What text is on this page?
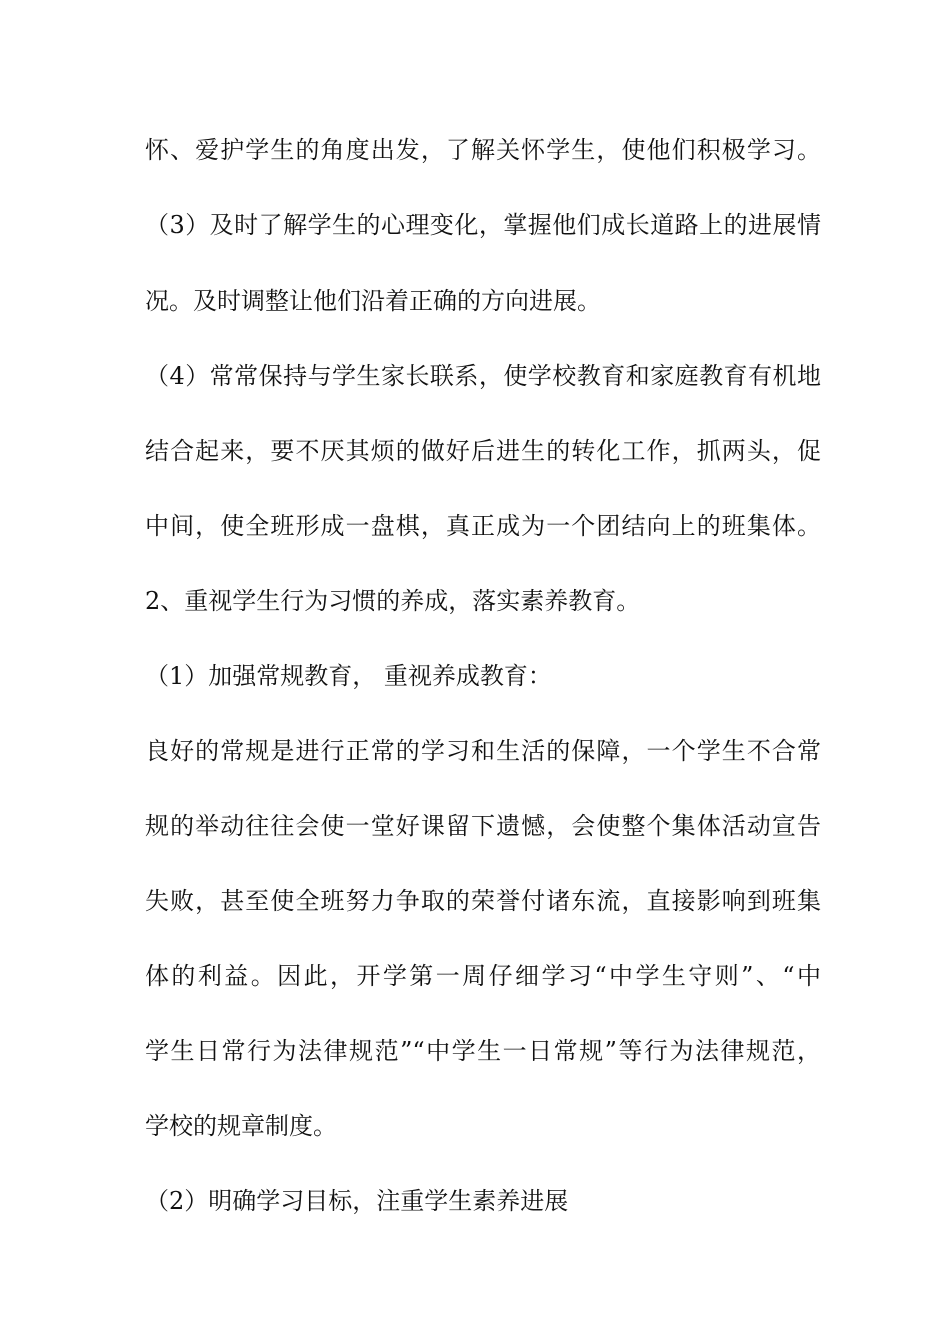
怀、爱护学生的角度出发，了解关怀学生，使他们积极学习。

（3）及时了解学生的心理变化，掌握他们成长道路上的进展情

况。及时调整让他们沿着正确的方向进展。

（4）常常保持与学生家长联系，使学校教育和家庭教育有机地

结合起来，要不厌其烦的做好后进生的转化工作，抓两头，促

中间，使全班形成一盘棋，真正成为一个团结向上的班集体。

2、重视学生行为习惯的养成，落实素养教育。

（1）加强常规教育， 重视养成教育：

良好的常规是进行正常的学习和生活的保障，一个学生不合常

规的举动往往会使一堂好课留下遗憾，会使整个集体活动宣告

失败，甚至使全班努力争取的荣誉付诸东流，直接影响到班集

体的利益。因此，开学第一周仔细学习“中学生守则”、“中

学生日常行为法律规范”“中学生一日常规”等行为法律规范，

学校的规章制度。

（2）明确学习目标，注重学生素养进展
